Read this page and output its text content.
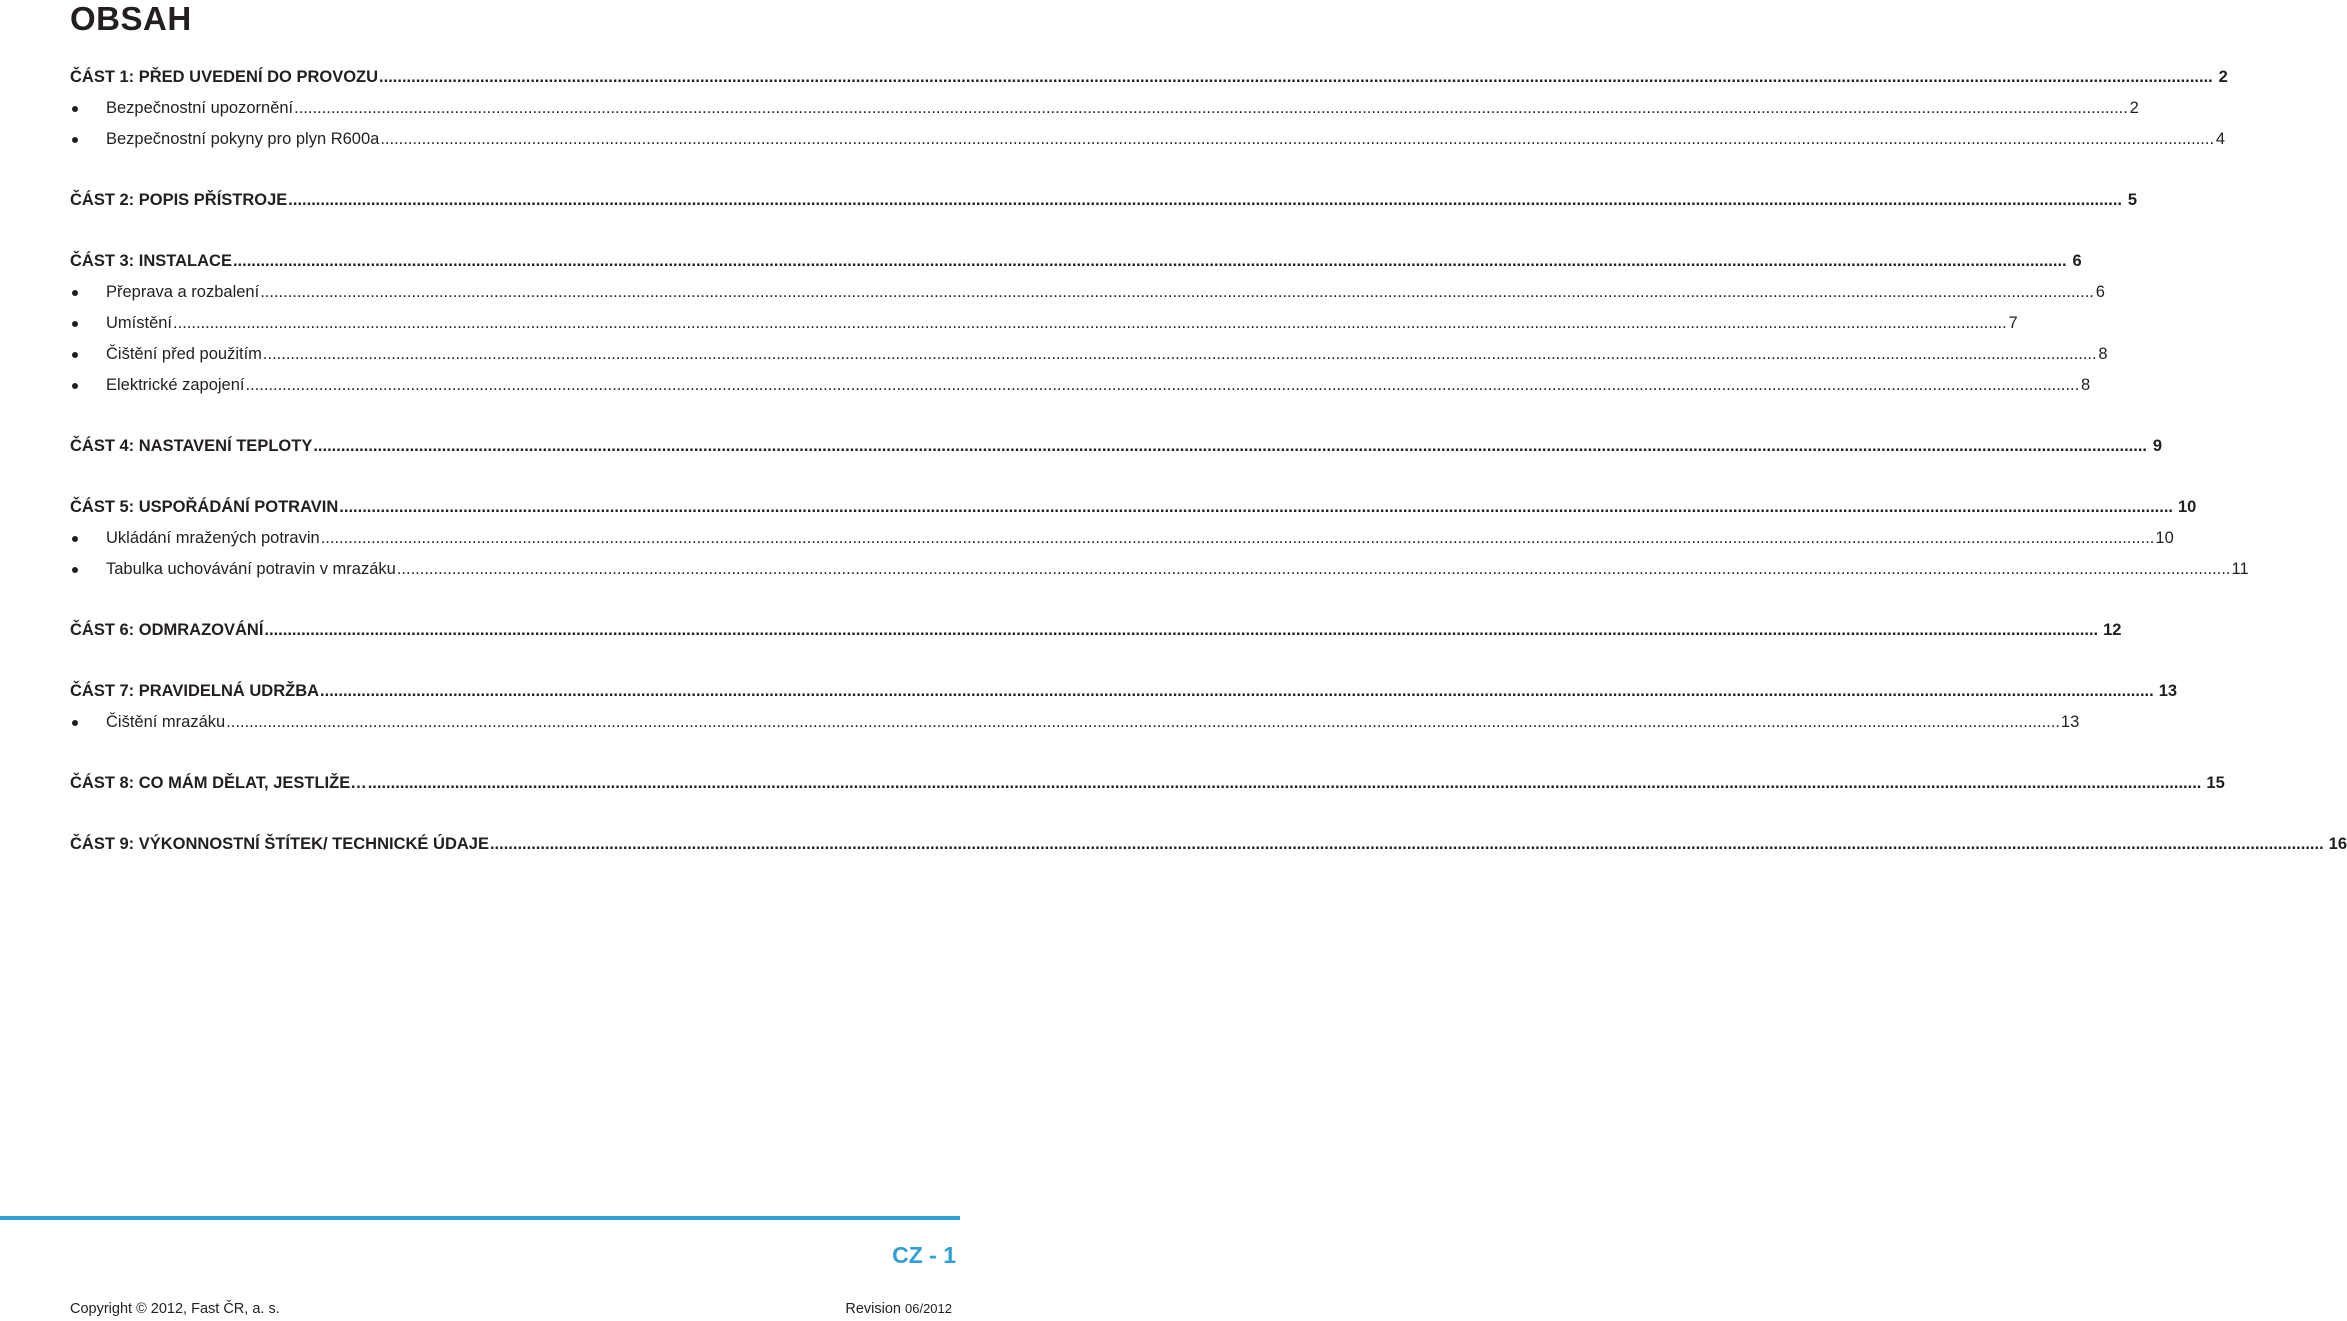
OBSAH
ČÁST 1: PŘED UVEDENÍ DO PROVOZU ................................................................................................................................................................................................................................................................................................................................................................................................................ 2
Bezpečnostní upozornění ................................................................................................................................................................................................................................................................................................................................................................................................................ 2
Bezpečnostní pokyny pro plyn R600a ................................................................................................................................................................................................................................................................................................................................................................................................................ 4
ČÁST 2: POPIS PŘÍSTROJE ................................................................................................................................................................................................................................................................................................................................................................................................................ 5
ČÁST 3: INSTALACE ................................................................................................................................................................................................................................................................................................................................................................................................................ 6
Přeprava a rozbalení ................................................................................................................................................................................................................................................................................................................................................................................................................ 6
Umístění ................................................................................................................................................................................................................................................................................................................................................................................................................ 7
Čištění před použitím ................................................................................................................................................................................................................................................................................................................................................................................................................ 8
Elektrické zapojení ................................................................................................................................................................................................................................................................................................................................................................................................................ 8
ČÁST 4: NASTAVENÍ TEPLOTY ................................................................................................................................................................................................................................................................................................................................................................................................................ 9
ČÁST 5: USPOŘÁDÁNÍ POTRAVIN ................................................................................................................................................................................................................................................................................................................................................................................................................ 10
Ukládání mražených potravin ................................................................................................................................................................................................................................................................................................................................................................................................................ 10
Tabulka uchovávání potravin v mrazáku ................................................................................................................................................................................................................................................................................................................................................................................................................ 11
ČÁST 6: ODMRAZOVÁNÍ ................................................................................................................................................................................................................................................................................................................................................................................................................ 12
ČÁST 7: PRAVIDELNÁ UDRŽBA ................................................................................................................................................................................................................................................................................................................................................................................................................ 13
Čištění mrazáku ................................................................................................................................................................................................................................................................................................................................................................................................................ 13
ČÁST 8: CO MÁM DĚLAT, JESTLIŽE… ................................................................................................................................................................................................................................................................................................................................................................................................................ 15
ČÁST 9: VÝKONNOSTNÍ ŠTÍTEK/ TECHNICKÉ ÚDAJE ................................................................................................................................................................................................................................................................................................................................................................................................................ 16
CZ - 1
Copyright © 2012, Fast ČR, a. s.	Revision 06/2012
